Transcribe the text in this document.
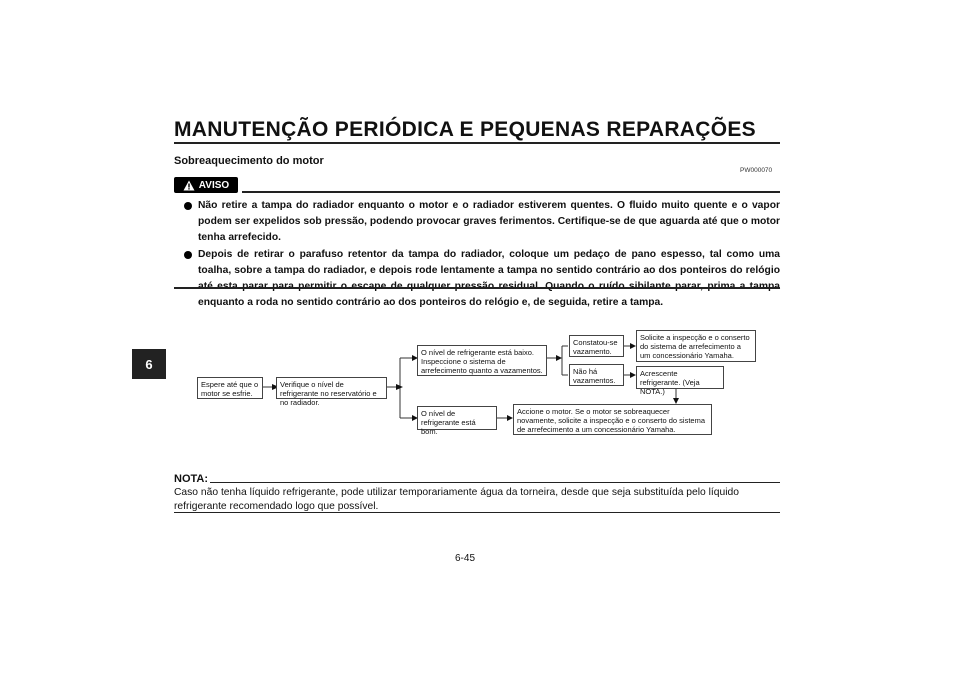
MANUTENÇÃO PERIÓDICA E PEQUENAS REPARAÇÕES
6
Sobreaquecimento do motor
PW000070
AVISO
Não retire a tampa do radiador enquanto o motor e o radiador estiverem quentes. O fluido muito quente e o vapor podem ser expelidos sob pressão, podendo provocar graves ferimentos. Certifique-se de que aguarda até que o motor tenha arrefecido.
Depois de retirar o parafuso retentor da tampa do radiador, coloque um pedaço de pano espesso, tal como uma toalha, sobre a tampa do radiador, e depois rode lentamente a tampa no sentido contrário ao dos ponteiros do relógio enquanto a roda no sentido contrário ao dos ponteiros do relógio e, de seguida, retire a tampa.
Espere até que o motor se esfrie.
Verifique o nível de refrigerante no reservatório e no radiador.
O nível de refrigerante está baixo. Inspeccione o sistema de arrefecimento quanto a vazamentos.
O nível de refrigerante está bom.
Constatou-se vazamento.
Não há vazamentos.
Solicite a inspecção e o conserto do sistema de arrefecimento a um concessionário Yamaha.
Acrescente refrigerante. (Veja NOTA.)
Accione o motor. Se o motor se sobreaquecer novamente, solicite a inspecção e o conserto do sistema de arrefecimento a um concessionário Yamaha.
NOTA:
Caso não tenha líquido refrigerante, pode utilizar temporariamente água da torneira, desde que seja substituída pelo líquido refrigerante recomendado logo que possível.
6-45
